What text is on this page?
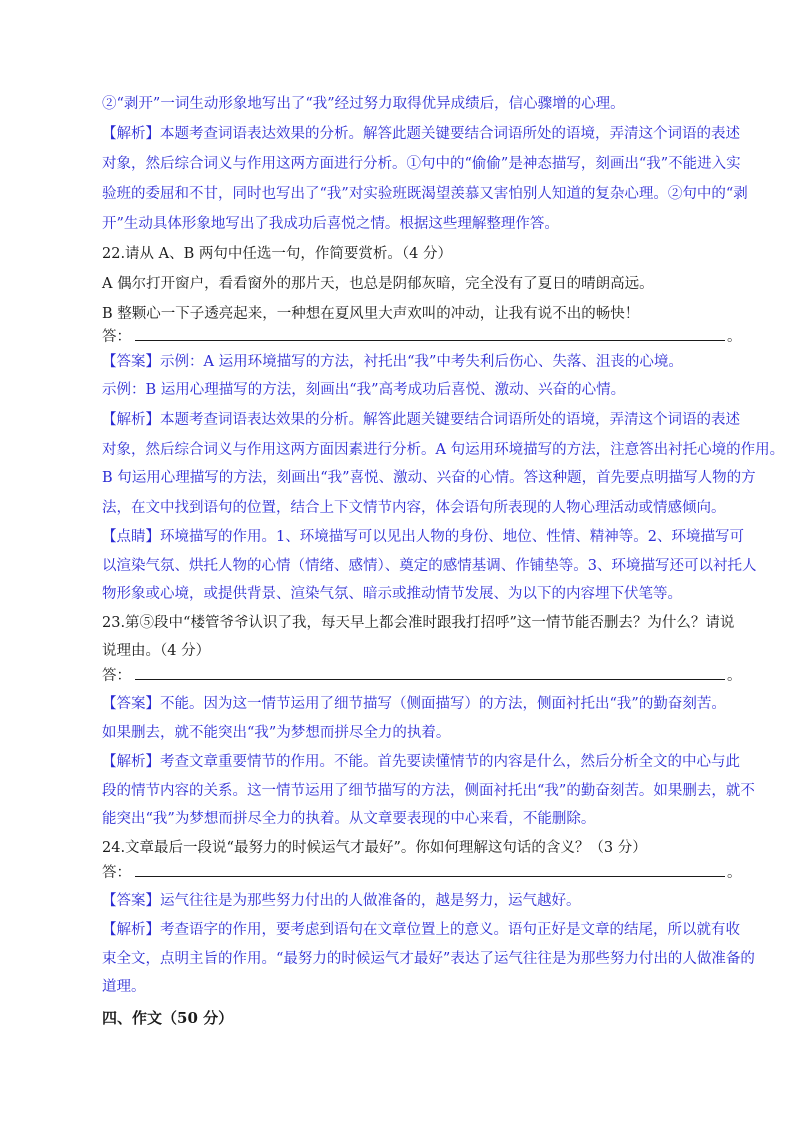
②“剥开”一词生动形象地写出了“我”经过努力取得优异成绩后，信心骤增的心理。
【解析】本题考查词语表达效果的分析。解答此题关键要结合词语所处的语境，弄清这个词语的表述
对象，然后综合词义与作用这两方面进行分析。①句中的“偷偷”是神态描写，刻画出“我”不能进入实
验班的委屈和不甘，同时也写出了“我”对实验班既渴望羡慕又害怕别人知道的复杂心理。②句中的“剥
开”生动具体形象地写出了我成功后喜悦之情。根据这些理解整理作答。
22.请从 A、B 两句中任选一句，作简要赏析。（4 分）
A 偶尔打开窗户，看看窗外的那片天，也总是阴郁灰暗，完全没有了夏日的晴朗高远。
B 整颗心一下子透亮起来，一种想在夏风里大声欢叫的冲动，让我有说不出的畅快！
答：	。
【答案】示例：A 运用环境描写的方法，衬托出“我”中考失利后伤心、失落、沮丧的心境。
示例：B 运用心理描写的方法，刻画出“我”高考成功后喜悦、激动、兴奋的心情。
【解析】本题考查词语表达效果的分析。解答此题关键要结合词语所处的语境，弄清这个词语的表述
对象，然后综合词义与作用这两方面因素进行分析。A 句运用环境描写的方法，注意答出衬托心境的作用。
B 句运用心理描写的方法，刻画出“我”喜悦、激动、兴奋的心情。答这种题，首先要点明描写人物的方
法，在文中找到语句的位置，结合上下文情节内容，体会语句所表现的人物心理活动或情感倾向。
【点睛】环境描写的作用。1、环境描写可以见出人物的身份、地位、性情、精神等。2、环境描写可
以渲染气氛、烘托人物的心情（情绪、感情）、奠定的感情基调、作铺垫等。3、环境描写还可以衬托人
物形象或心境，或提供背景、渲染气氛、暗示或推动情节发展、为以下的内容埋下伏笔等。
23.第⑤段中“楼管爷爷认识了我，每天早上都会准时跟我打招呼”这一情节能否删去？为什么？请说
说理由。（4 分）
答：	。
【答案】不能。因为这一情节运用了细节描写（侧面描写）的方法，侧面衬托出“我”的勤奋刻苦。
如果删去，就不能突出“我”为梦想而拼尽全力的执着。
【解析】考查文章重要情节的作用。不能。首先要读懂情节的内容是什么，然后分析全文的中心与此
段的情节内容的关系。这一情节运用了细节描写的方法，侧面衬托出“我”的勤奋刻苦。如果删去，就不
能突出“我”为梦想而拼尽全力的执着。从文章要表现的中心来看，不能删除。
24.文章最后一段说“最努力的时候运气才最好”。你如何理解这句话的含义？（3 分）
答：	。
【答案】运气往往是为那些努力付出的人做准备的，越是努力，运气越好。
【解析】考查语字的作用，要考虑到语句在文章位置上的意义。语句正好是文章的结尾，所以就有收
束全文，点明主旨的作用。“最努力的时候运气才最好”表达了运气往往是为那些努力付出的人做准备的
道理。
四、作文（50 分）
